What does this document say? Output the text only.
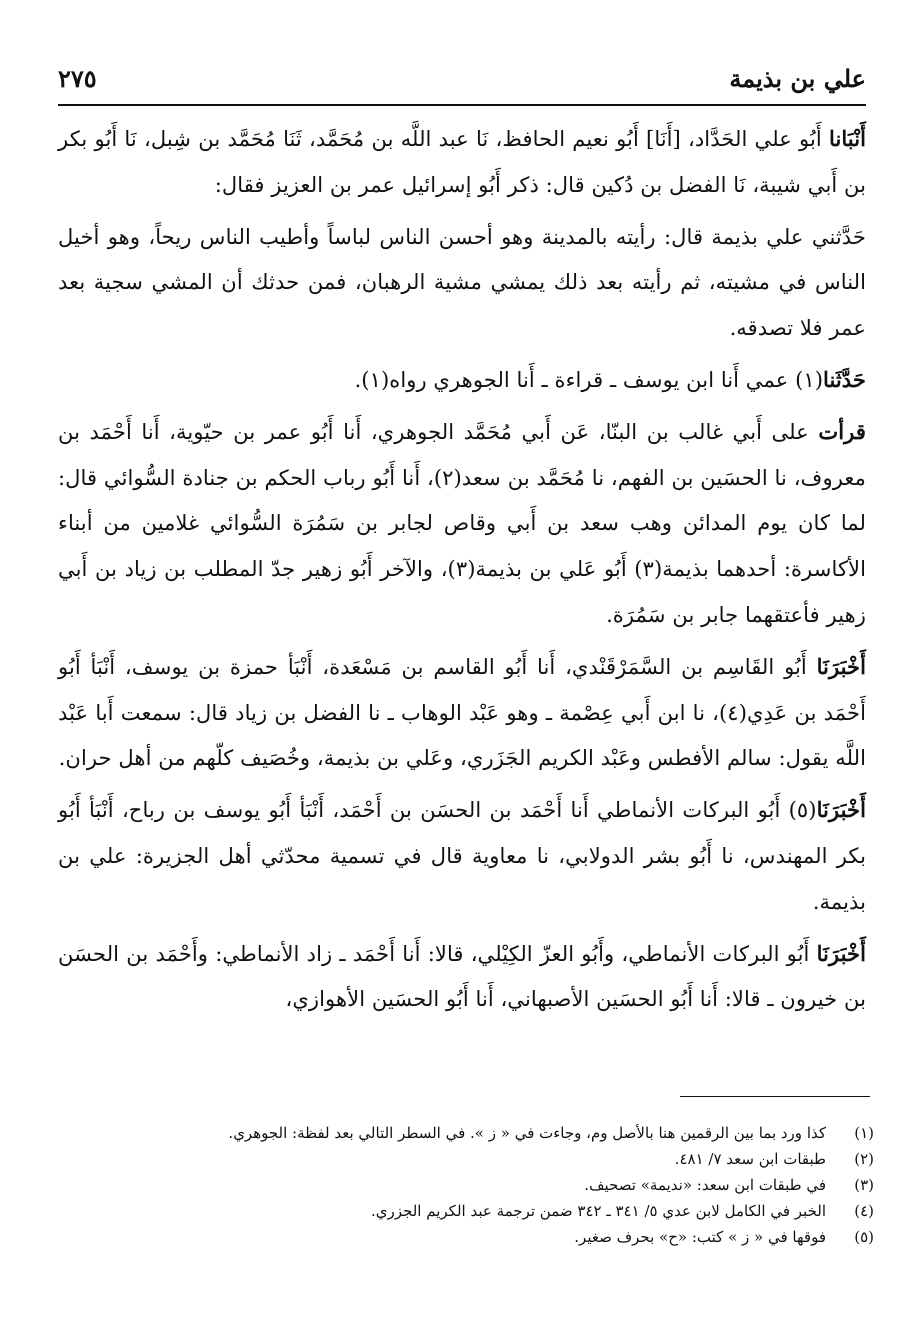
علي بن بذيمة
٢٧٥

أَنْبَانا أَبُو علي الحَدَّاد، [أَنَا] أَبُو نعيم الحافظ، نَا عبد اللَّه بن مُحَمَّد، ثَنَا مُحَمَّد بن شِبل، نَا أَبُو بكر بن أَبي شيبة، نَا الفضل بن دُكين قال: ذكر أَبُو إسرائيل عمر بن العزيز فقال:

حَدَّثني علي بذيمة قال: رأيته بالمدينة وهو أحسن الناس لباساً وأطيب الناس ريحاً، وهو أخيل الناس في مشيته، ثم رأيته بعد ذلك يمشي مشية الرهبان، فمن حدثك أن المشي سجية بعد عمر فلا تصدقه.

حَدَّثَنا(١) عمي أَنا ابن يوسف ـ قراءة ـ أَنا الجوهري رواه(١).

قرأت على أَبي غالب بن البنّا، عَن أَبي مُحَمَّد الجوهري، أَنا أَبُو عمر بن حيّوية، أَنا أَحْمَد بن معروف، نا الحسَين بن الفهم، نا مُحَمَّد بن سعد(٢)، أَنا أَبُو رباب الحكم بن جنادة السُّوائي قال: لما كان يوم المدائن وهب سعد بن أَبي وقاص لجابر بن سَمُرَة السُّوائي غلامين من أبناء الأكاسرة: أحدهما بذيمة(٣) أَبُو عَلي بن بذيمة(٣)، والآخر أَبُو زهير جدّ المطلب بن زياد بن أَبي زهير فأعتقهما جابر بن سَمُرَة.

أَخْبَرَنَا أَبُو القَاسِم بن السَّمَرْقَنْدي، أَنا أَبُو القاسم بن مَسْعَدة، أَنْبَأ حمزة بن يوسف، أَنْبَأ أَبُو أَحْمَد بن عَدِي(٤)، نا ابن أَبي عِصْمة ـ وهو عَبْد الوهاب ـ نا الفضل بن زياد قال: سمعت أَبا عَبْد اللَّه يقول: سالم الأفطس وعَبْد الكريم الجَزَري، وعَلي بن بذيمة، وخُصَيف كلّهم من أهل حران.

أَخْبَرَنَا(٥) أَبُو البركات الأنماطي أَنا أَحْمَد بن الحسَن بن أَحْمَد، أَنْبَأ أَبُو يوسف بن رباح، أَنْبَأ أَبُو بكر المهندس، نا أَبُو بشر الدولابي، نا معاوية قال في تسمية محدّثي أهل الجزيرة: علي بن بذيمة.

أَخْبَرَنَا أَبُو البركات الأنماطي، وأَبُو العزّ الكِيْلي، قالا: أَنا أَحْمَد ـ زاد الأنماطي: وأَحْمَد بن الحسَن بن خيرون ـ قالا: أَنا أَبُو الحسَين الأصبهاني، أَنا أَبُو الحسَين الأهوازي،

(١)
كذا ورد بما بين الرقمين هنا بالأصل وم، وجاءت في « ز ». في السطر التالي بعد لفظة: الجوهري.
(٢)
طبقات ابن سعد ٧/ ٤٨١.
(٣)
في طبقات ابن سعد: «نديمة» تصحيف.
(٤)
الخبر في الكامل لابن عدي ٥/ ٣٤١ ـ ٣٤٢ ضمن ترجمة عبد الكريم الجزري.
(٥)
فوقها في « ز » كتب: «ح» بحرف صغير.
